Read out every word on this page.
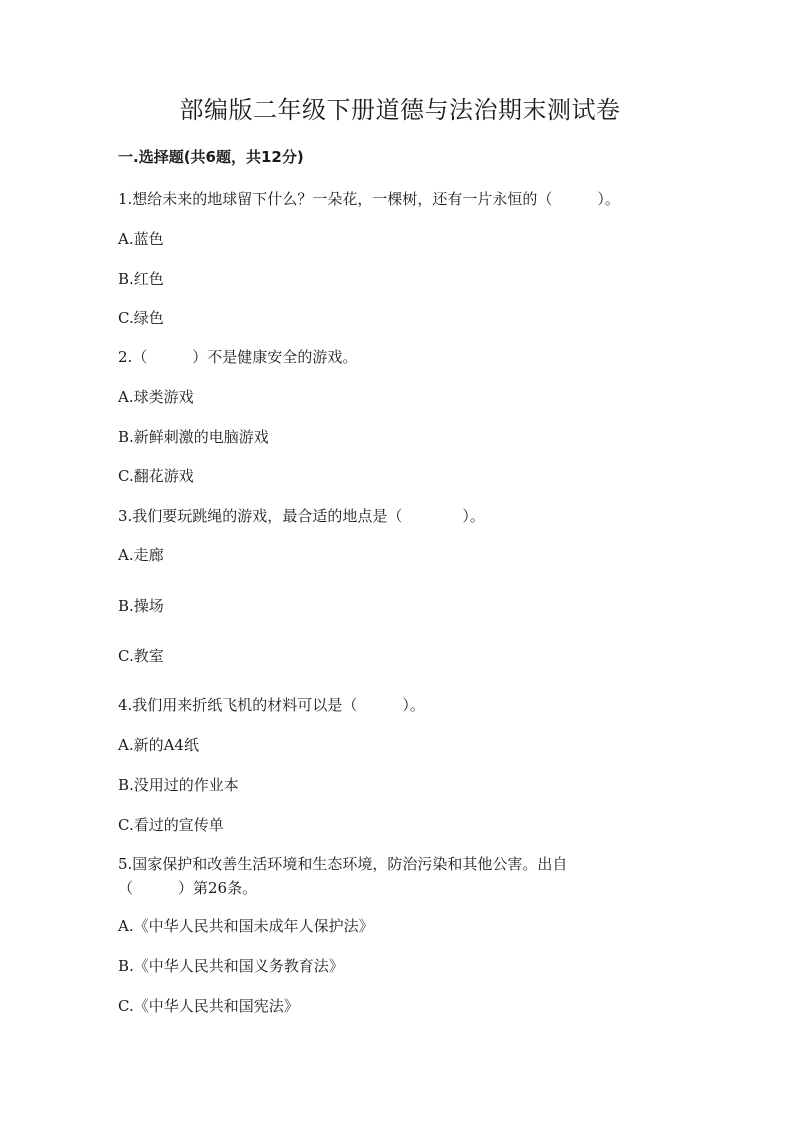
部编版二年级下册道德与法治期末测试卷
一.选择题(共6题，共12分)
1.想给未来的地球留下什么？一朵花，一棵树，还有一片永恒的（　　　）。
A.蓝色
B.红色
C.绿色
2.（　　　）不是健康安全的游戏。
A.球类游戏
B.新鲜刺激的电脑游戏
C.翻花游戏
3.我们要玩跳绳的游戏，最合适的地点是（　　　　）。
A.走廊
B.操场
C.教室
4.我们用来折纸飞机的材料可以是（　　　）。
A.新的A4纸
B.没用过的作业本
C.看过的宣传单
5.国家保护和改善生活环境和生态环境，防治污染和其他公害。出自
（　　　）第26条。
A.《中华人民共和国未成年人保护法》
B.《中华人民共和国义务教育法》
C.《中华人民共和国宪法》
